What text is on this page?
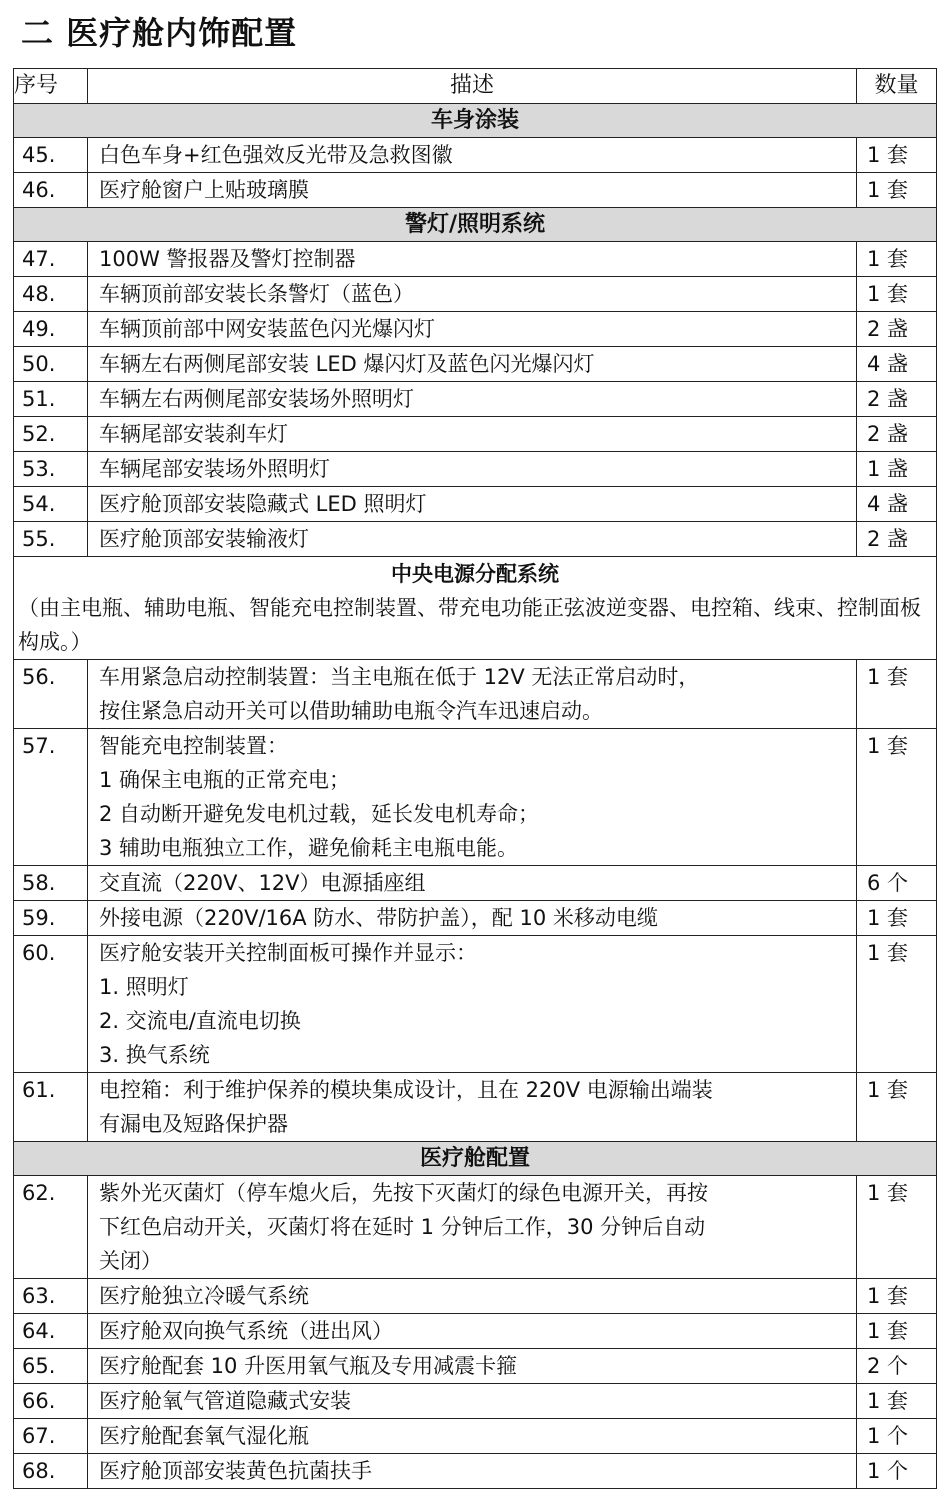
二 医疗舱内饰配置
序号	描述	数量
车身涂装		
45.	白色车身+红色强效反光带及急救图徽	1 套
46.	医疗舱窗户上贴玻璃膜	1 套
警灯/照明系统		
47.	100W 警报器及警灯控制器	1 套
48.	车辆顶前部安装长条警灯（蓝色）	1 套
49.	车辆顶前部中网安装蓝色闪光爆闪灯	2 盏
50.	车辆左右两侧尾部安装 LED 爆闪灯及蓝色闪光爆闪灯	4 盏
51.	车辆左右两侧尾部安装场外照明灯	2 盏
52.	车辆尾部安装刹车灯	2 盏
53.	车辆尾部安装场外照明灯	1 盏
54.	医疗舱顶部安装隐藏式 LED 照明灯	4 盏
55.	医疗舱顶部安装输液灯	2 盏

中央电源分配系统
（由主电瓶、辅助电瓶、智能充电控制装置、带充电功能正弦波逆变器、电控箱、线束、控制面板构成。）		

56.	车用紧急启动控制装置：当主电瓶在低于 12V 无法正常启动时，
按住紧急启动开关可以借助辅助电瓶令汽车迅速启动。	1 套
57.	智能充电控制装置：
1 确保主电瓶的正常充电；
2 自动断开避免发电机过载，延长发电机寿命；
3 辅助电瓶独立工作，避免偷耗主电瓶电能。	1 套
58.	交直流（220V、12V）电源插座组	6 个
59.	外接电源（220V/16A 防水、带防护盖），配 10 米移动电缆	1 套
60.	医疗舱安装开关控制面板可操作并显示：
1. 照明灯
2. 交流电/直流电切换
3. 换气系统	1 套
61.	电控箱：利于维护保养的模块集成设计，且在 220V 电源输出端装
有漏电及短路保护器	1 套
医疗舱配置		
62.	紫外光灭菌灯（停车熄火后，先按下灭菌灯的绿色电源开关，再按
下红色启动开关，灭菌灯将在延时 1 分钟后工作，30 分钟后自动
关闭）	1 套
63.	医疗舱独立冷暖气系统	1 套
64.	医疗舱双向换气系统（进出风）	1 套
65.	医疗舱配套 10 升医用氧气瓶及专用减震卡箍	2 个
66.	医疗舱氧气管道隐藏式安装	1 套
67.	医疗舱配套氧气湿化瓶	1 个
68.	医疗舱顶部安装黄色抗菌扶手	1 个
